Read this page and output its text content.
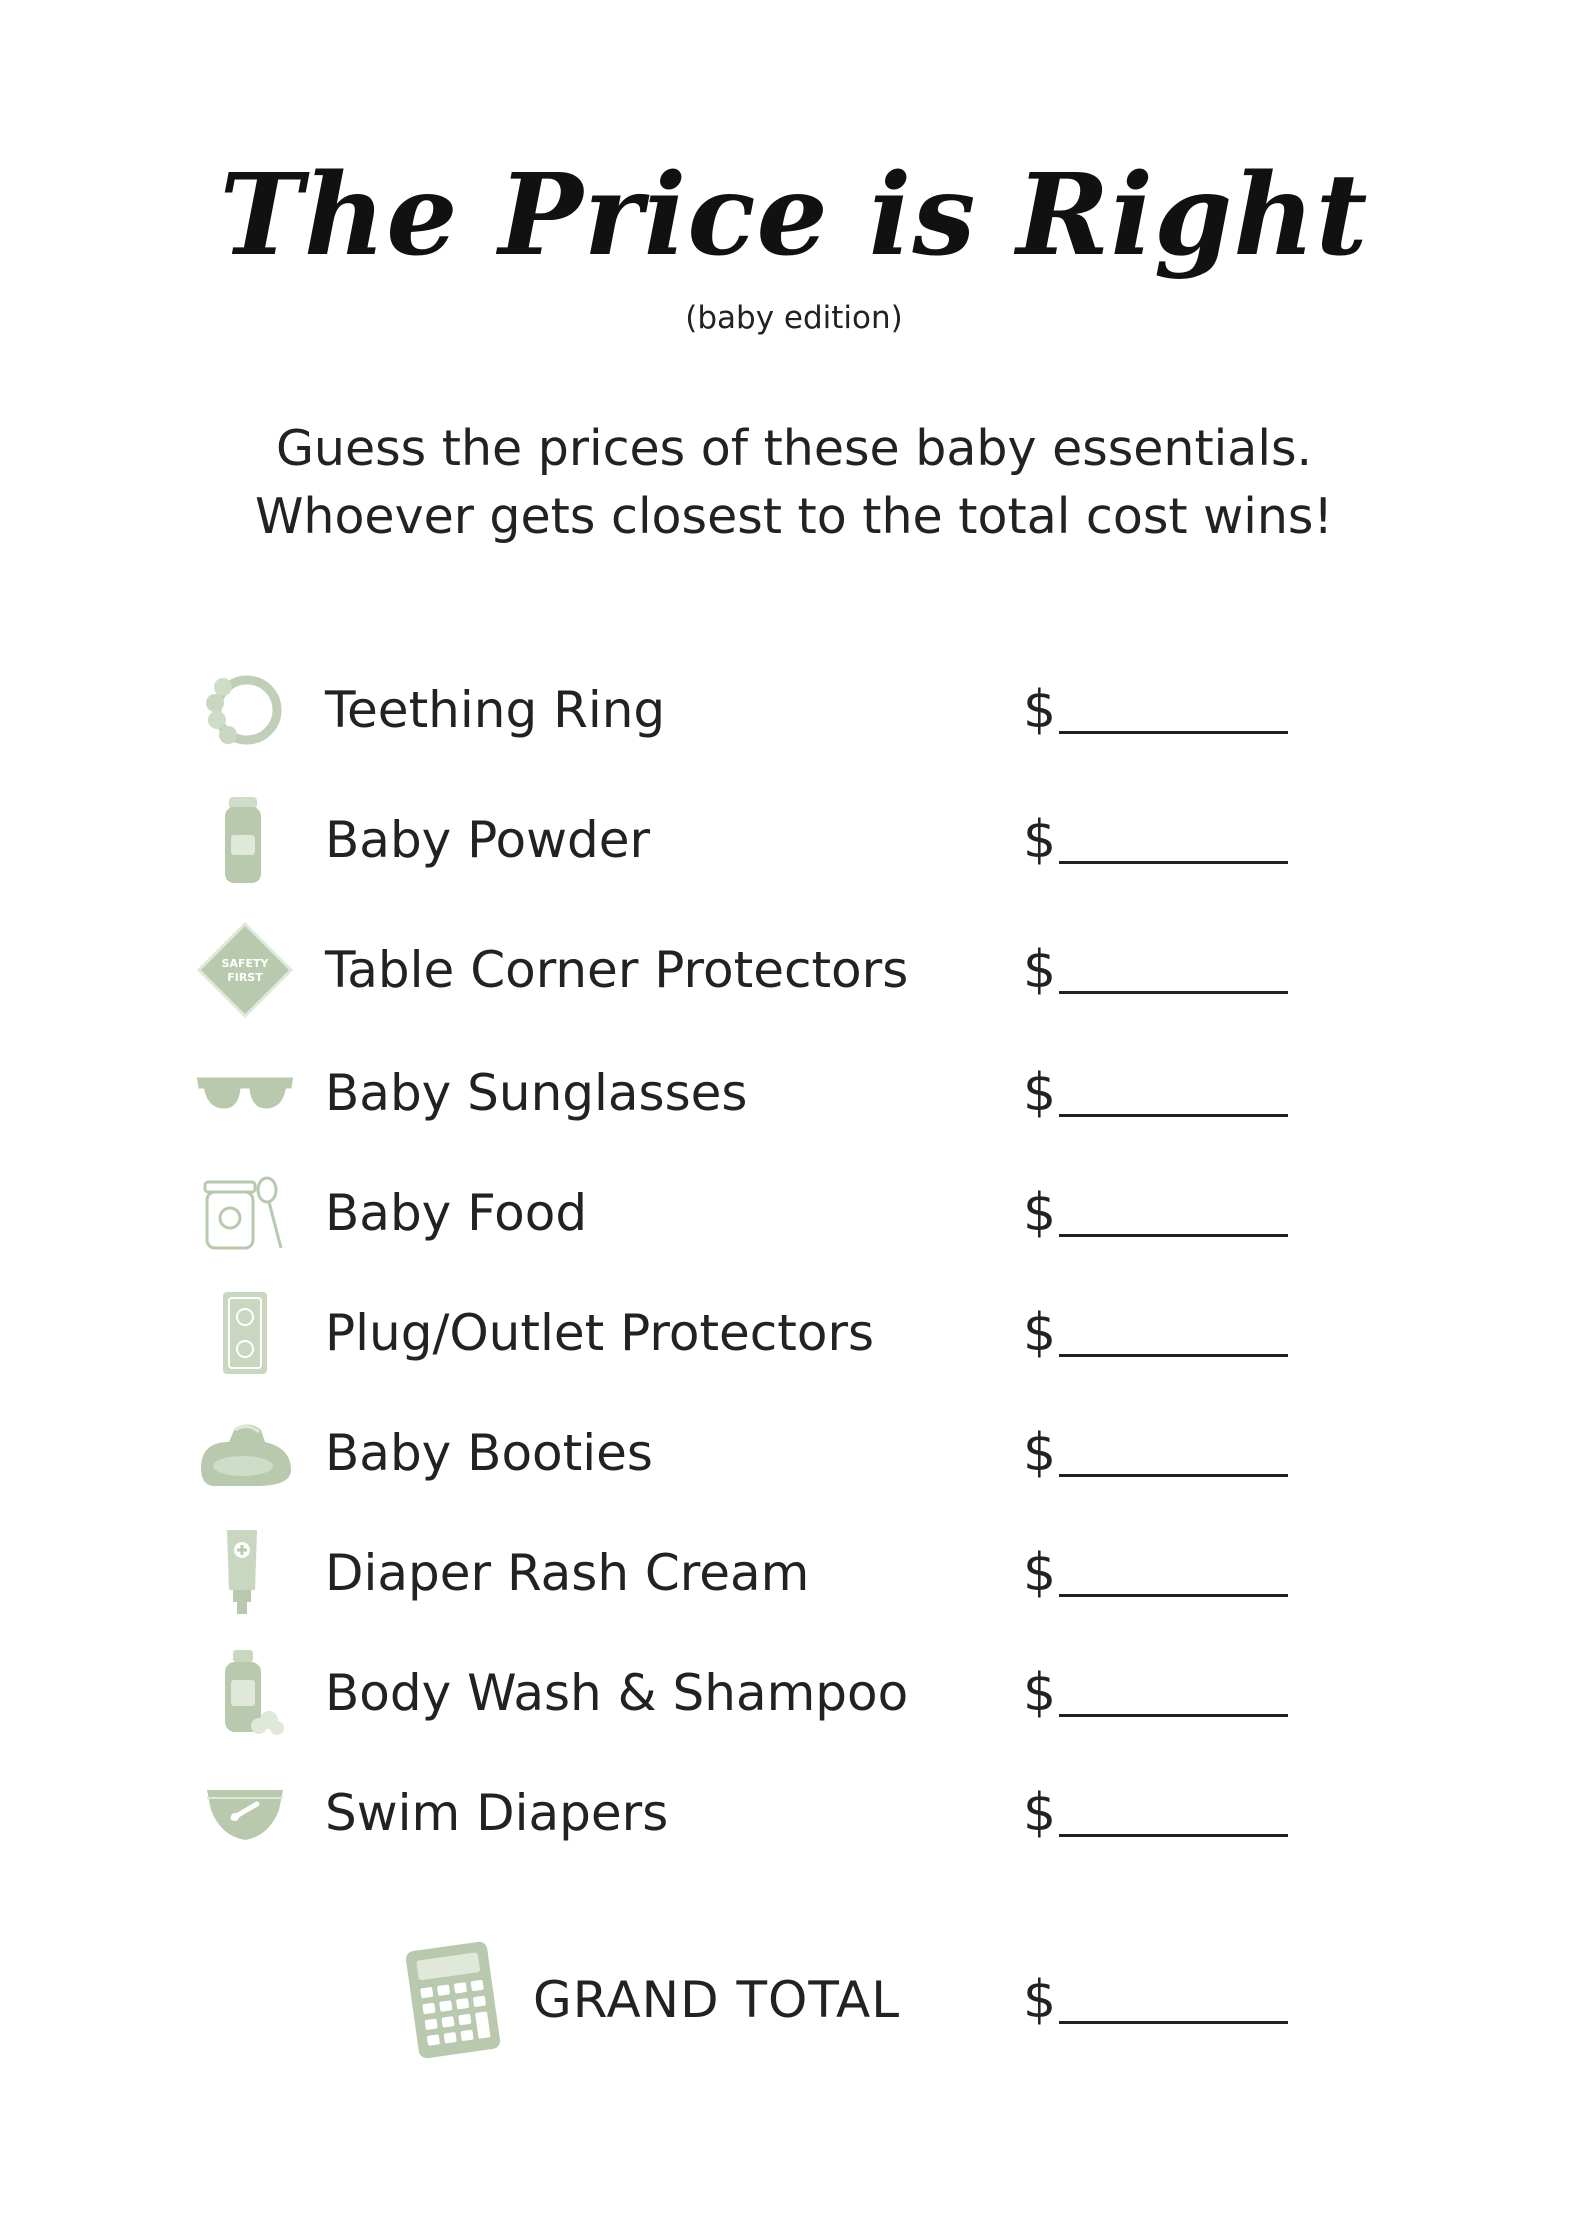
The Price is Right
(baby edition)
Guess the prices of these baby essentials.
Whoever gets closest to the total cost wins!
Teething Ring	$
Baby Powder	$
SAFETY
FIRST Table Corner Protectors $
Baby Sunglasses	$
Baby Food	$
Plug/Outlet Protectors	$
Baby Booties	$
Diaper Rash Cream	$
Body Wash & Shampoo $
Swim Diapers	$
GRAND TOTAL $
